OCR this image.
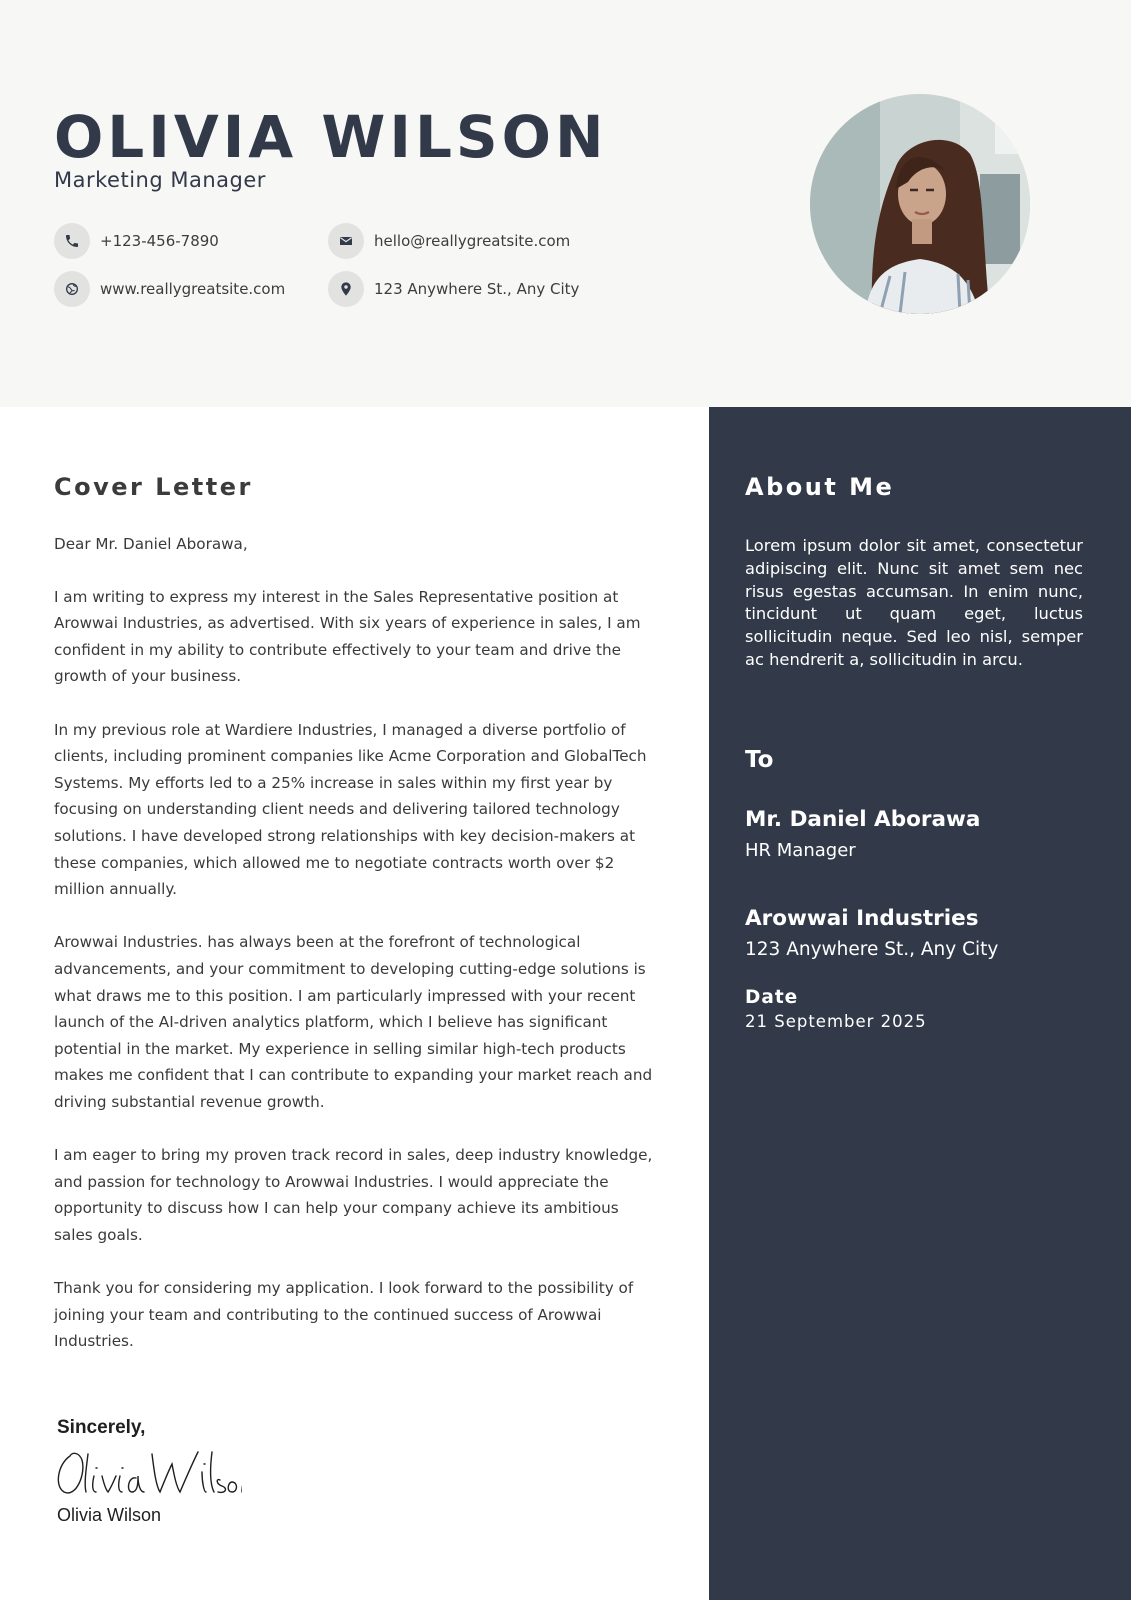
OLIVIA WILSON
Marketing Manager
+123-456-7890	hello@reallygreatsite.com
www.reallygreatsite.com	123 Anywhere St., Any City
Cover Letter

Dear Mr. Daniel Aborawa,

I am writing to express my interest in the Sales Representative position at Arowwai Industries, as advertised. With six years of experience in sales, I am confident in my ability to contribute effectively to your team and drive the growth of your business.

In my previous role at Wardiere Industries, I managed a diverse portfolio of clients, including prominent companies like Acme Corporation and GlobalTech Systems. My efforts led to a 25% increase in sales within my first year by focusing on understanding client needs and delivering tailored technology solutions. I have developed strong relationships with key decision-makers at these companies, which allowed me to negotiate contracts worth over $2 million annually.

Arowwai Industries. has always been at the forefront of technological advancements, and your commitment to developing cutting-edge solutions is what draws me to this position. I am particularly impressed with your recent launch of the AI-driven analytics platform, which I believe has significant potential in the market. My experience in selling similar high-tech products makes me confident that I can contribute to expanding your market reach and driving substantial revenue growth.

I am eager to bring my proven track record in sales, deep industry knowledge, and passion for technology to Arowwai Industries. I would appreciate the opportunity to discuss how I can help your company achieve its ambitious sales goals.

Thank you for considering my application. I look forward to the possibility of joining your team and contributing to the continued success of Arowwai Industries.

Sincerely,
Olivia Wilson
About Me
Lorem ipsum dolor sit amet, consectetur adipiscing elit. Nunc sit amet sem nec risus egestas accumsan. In enim nunc, tincidunt ut quam eget, luctus sollicitudin neque. Sed leo nisl, semper ac hendrerit a, sollicitudin in arcu.
To
Mr. Daniel Aborawa
HR Manager
Arowwai Industries
123 Anywhere St., Any City
Date
21 September 2025
